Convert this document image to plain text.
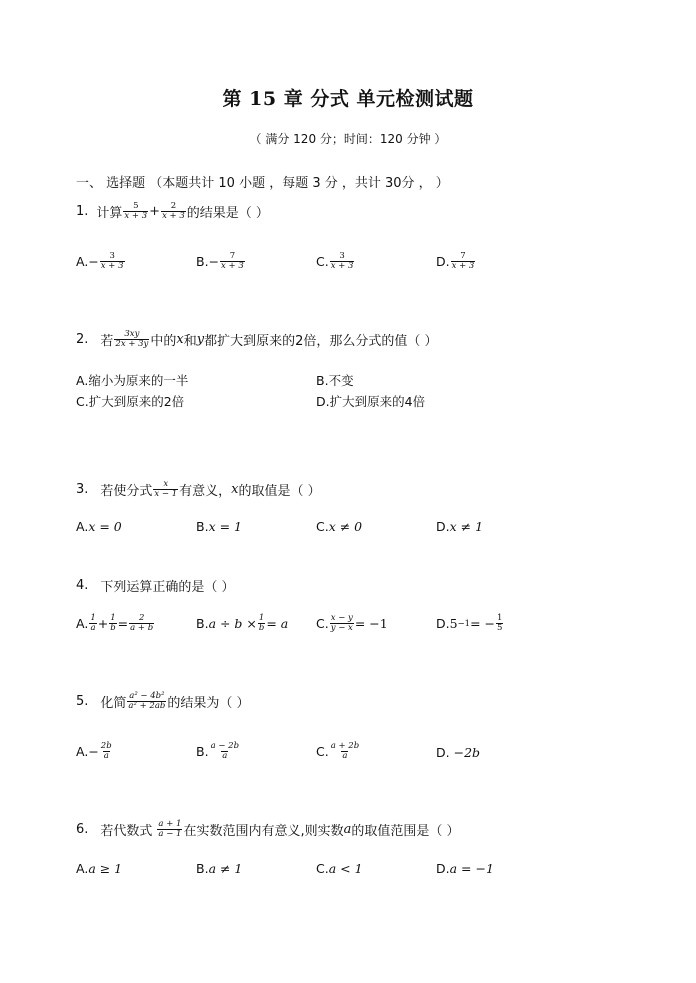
第 15 章 分式 单元检测试题
（ 满分 120 分；时间：120 分钟 ）
一、 选择题 （本题共计 10 小题 ，每题 3 分 ，共计 30分 ， ）
1. 计算 $\frac{5}{x + 3} + \frac{2}{x + 3}$ 的结果是（ ）
A. − $\frac{3}{x + 3}$	B. − $\frac{7}{x + 3}$	C. $\frac{3}{x + 3}$	D. $\frac{7}{x + 3}$
2. 若 $\frac{3xy}{2x + 3y}$ 中的 x 和 y 都扩大到原来的2倍，那么分式的值（ ）
A. 缩小为原来的一半	B. 不变
C. 扩大到原来的2倍	D. 扩大到原来的4倍
3. 若使分式 $\frac{x}{x - 1}$ 有意义， x 的取值是（ ）
A. x = 0	B. x = 1	C. x ≠ 0	D. x ≠ 1
4. 下列运算正确的是（ ）
A. $\frac{1}{a} + \frac{1}{b} = \frac{2}{a + b}$	B. $a \div b \times \frac{1}{b} = a$ C. $\frac{x - y}{y - x} = -1$	D. 5 −1 = − $\frac{1}{5}$
5. 化简 $\frac{\text{a² − 4b²}}{\text{a² + 2ab}}$ 的结果为（ ）
A. − $\frac{2b}{a}$	B. $\frac{a - 2b}{a}$	C. $\frac{a + 2b}{a}$	D. −2b
6. 若代数式 $\frac{a + 1}{a - 1}$ 在实数范围内有意义,则实数 a 的取值范围是（ ）
A. a ≥ 1	B. a ≠ 1	C. a < 1	D. a = −1
